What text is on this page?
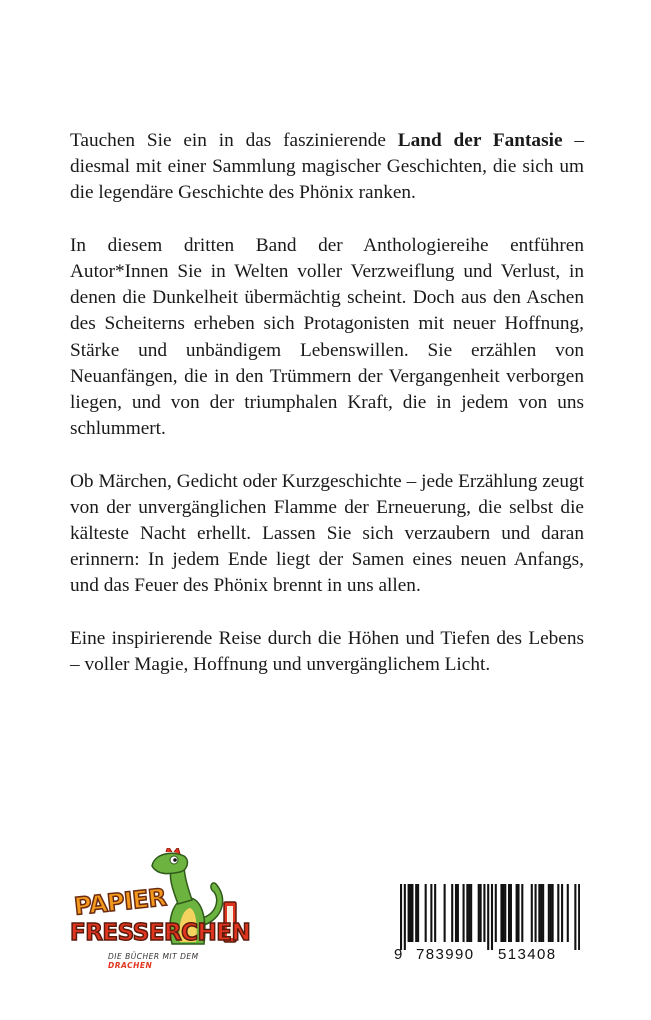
Tauchen Sie ein in das faszinierende Land der Fantasie – diesmal mit einer Sammlung magischer Geschichten, die sich um die legendäre Geschichte des Phönix ranken.

In diesem dritten Band der Anthologiereihe entführen Autor*Innen Sie in Welten voller Verzweiflung und Verlust, in denen die Dunkelheit übermächtig scheint. Doch aus den Aschen des Scheiterns erheben sich Protagonisten mit neuer Hoffnung, Stärke und unbändigem Lebenswillen. Sie erzählen von Neuanfängen, die in den Trümmern der Vergangenheit verborgen liegen, und von der triumphalen Kraft, die in jedem von uns schlummert.

Ob Märchen, Gedicht oder Kurzgeschichte – jede Erzählung zeugt von der unvergänglichen Flamme der Erneuerung, die selbst die kälteste Nacht erhellt. Lassen Sie sich verzaubern und daran erinnern: In jedem Ende liegt der Samen eines neuen Anfangs, und das Feuer des Phönix brennt in uns allen.

Eine inspirierende Reise durch die Höhen und Tiefen des Lebens – voller Magie, Hoffnung und unvergänglichem Licht.

PAPIER
FRESSERCHEN
DIE BÜCHER MIT DEM DRACHEN
9 783990 513408
